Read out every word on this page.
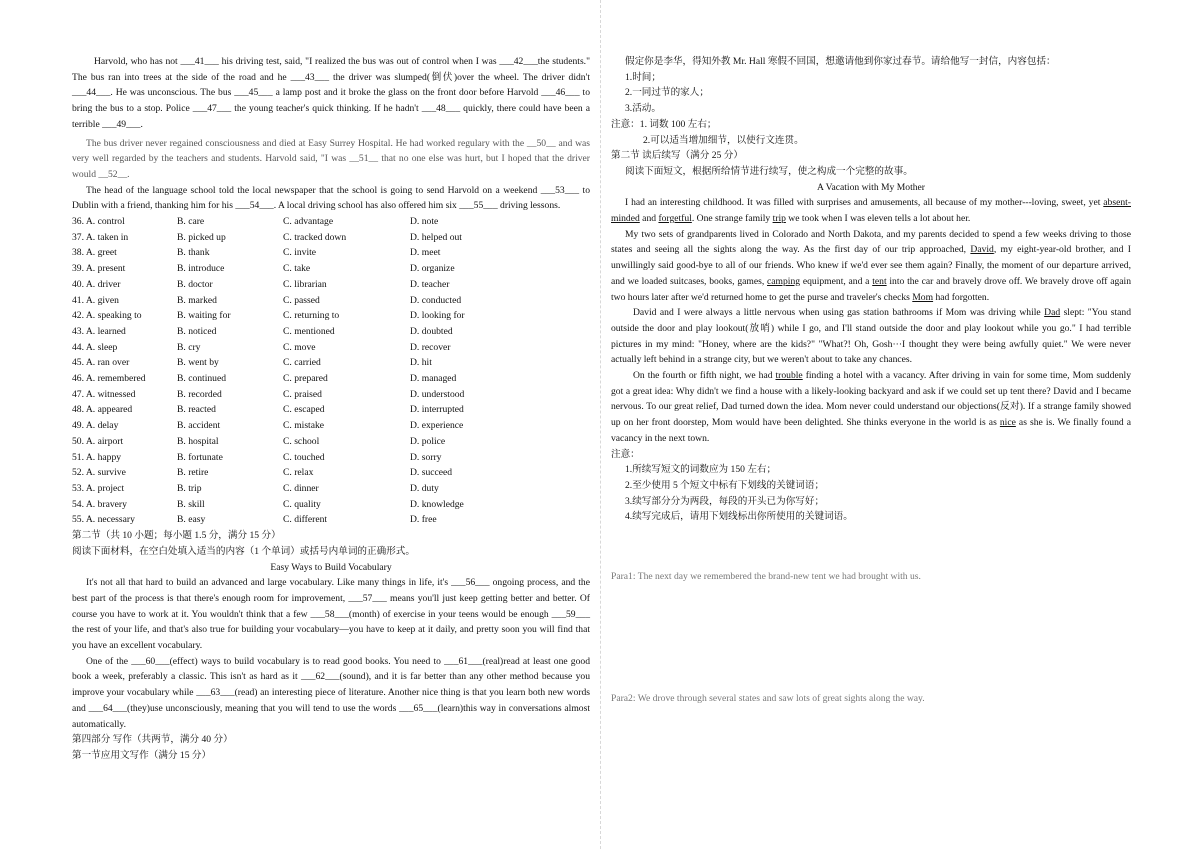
Harvold, who has not ___41___ his driving test, said, "I realized the bus was out of control when I was ___42___the students." The bus ran into trees at the side of the road and he ___43___ the driver was slumped(倒伏)over the wheel. The driver didn't ___44___. He was unconscious. The bus ___45___ a lamp post and it broke the glass on the front door before Harvold ___46___ to bring the bus to a stop. Police ___47___ the young teacher's quick thinking. If he hadn't ___48___ quickly, there could have been a terrible ___49___.

The bus driver never regained consciousness and died at Easy Surrey Hospital. He had worked regulary with the __50__ and was very well regarded by the teachers and students. Harvold said, "I was __51__ that no one else was hurt, but I hoped that the driver would __52__.

The head of the language school told the local newspaper that the school is going to send Harvold on a weekend ___53___ to Dublin with a friend, thanking him for his ___54___. A local driving school has also offered him six ___55___ driving lessons.

36. A. control	B. care	C. advantage	D. note
37. A. taken in	B. picked up	C. tracked down	D. helped out
38. A. greet	B. thank	C. invite	D. meet
39. A. present	B. introduce	C. take	D. organize
40. A. driver	B. doctor	C. librarian	D. teacher
41. A. given	B. marked	C. passed	D. conducted
42. A. speaking to	B. waiting for	C. returning to	D. looking for
43. A. learned	B. noticed	C. mentioned	D. doubted
44. A. sleep	B. cry	C. move	D. recover
45. A. ran over	B. went by	C. carried	D. hit
46. A. remembered	B. continued	C. prepared	D. managed
47. A. witnessed	B. recorded	C. praised	D. understood
48. A. appeared	B. reacted	C. escaped	D. interrupted
49. A. delay	B. accident	C. mistake	D. experience
50. A. airport	B. hospital	C. school	D. police
51. A. happy	B. fortunate	C. touched	D. sorry
52. A. survive	B. retire	C. relax	D. succeed
53. A. project	B. trip	C. dinner	D. duty
54. A. bravery	B. skill	C. quality	D. knowledge
55. A. necessary	B. easy	C. different	D. free

第二节（共 10 小题；每小题 1.5 分，满分 15 分）

阅读下面材料，在空白处填入适当的内容（1 个单词）或括号内单词的正确形式。

Easy Ways to Build Vocabulary

It's not all that hard to build an advanced and large vocabulary. Like many things in life, it's ___56___ ongoing process, and the best part of the process is that there's enough room for improvement, ___57___ means you'll just keep getting better and better. Of course you have to work at it. You wouldn't think that a few ___58___(month) of exercise in your teens would be enough ___59___ the rest of your life, and that's also true for building your vocabulary—you have to keep at it daily, and pretty soon you will find that you have an excellent vocabulary.

One of the ___60___(effect) ways to build vocabulary is to read good books. You need to ___61___(real)read at least one good book a week, preferably a classic. This isn't as hard as it ___62___(sound), and it is far better than any other method because you improve your vocabulary while ___63___(read) an interesting piece of literature. Another nice thing is that you learn both new words and ___64___(they)use unconsciously, meaning that you will tend to use the words ___65___(learn)this way in conversations almost automatically.

第四部分 写作（共两节，满分 40 分）

第一节应用文写作（满分 15 分）

假定你是李华，得知外教 Mr. Hall 寒假不回国，想邀请他到你家过春节。请给他写一封信，内容包括：

1.时间；

2.一同过节的家人；

3.活动。

注意：1. 词数 100 左右；

2.可以适当增加细节，以使行文连贯。

第二节 读后续写（满分 25 分）

阅读下面短文，根据所给情节进行续写，使之构成一个完整的故事。

A Vacation with My Mother

I had an interesting childhood. It was filled with surprises and amusements, all because of my mother---loving, sweet, yet absent-minded and forgetful. One strange family trip we took when I was eleven tells a lot about her.

My two sets of grandparents lived in Colorado and North Dakota, and my parents decided to spend a few weeks driving to those states and seeing all the sights along the way. As the first day of our trip approached, David, my eight-year-old brother, and I unwillingly said good-bye to all of our friends. Who knew if we'd ever see them again? Finally, the moment of our departure arrived, and we loaded suitcases, books, games, camping equipment, and a tent into the car and bravely drove off. We bravely drove off again two hours later after we'd returned home to get the purse and traveler's checks Mom had forgotten.

David and I were always a little nervous when using gas station bathrooms if Mom was driving while Dad slept: "You stand outside the door and play lookout(放哨) while I go, and I'll stand outside the door and play lookout while you go." I had terrible pictures in my mind: "Honey, where are the kids?" "What?! Oh, Gosh···I thought they were being awfully quiet." We were never actually left behind in a strange city, but we weren't about to take any chances.

On the fourth or fifth night, we had trouble finding a hotel with a vacancy. After driving in vain for some time, Mom suddenly got a great idea: Why didn't we find a house with a likely-looking backyard and ask if we could set up tent there? David and I became nervous. To our great relief, Dad turned down the idea. Mom never could understand our objections(反对). If a strange family showed up on her front doorstep, Mom would have been delighted. She thinks everyone in the world is as nice as she is. We finally found a vacancy in the next town.

注意：

1.所续写短文的词数应为 150 左右；

2.至少使用 5 个短文中标有下划线的关键词语；

3.续写部分分为两段，每段的开头已为你写好；

4.续写完成后，请用下划线标出你所使用的关键词语。

Para1: The next day we remembered the brand-new tent we had brought with us.

Para2: We drove through several states and saw lots of great sights along the way.
